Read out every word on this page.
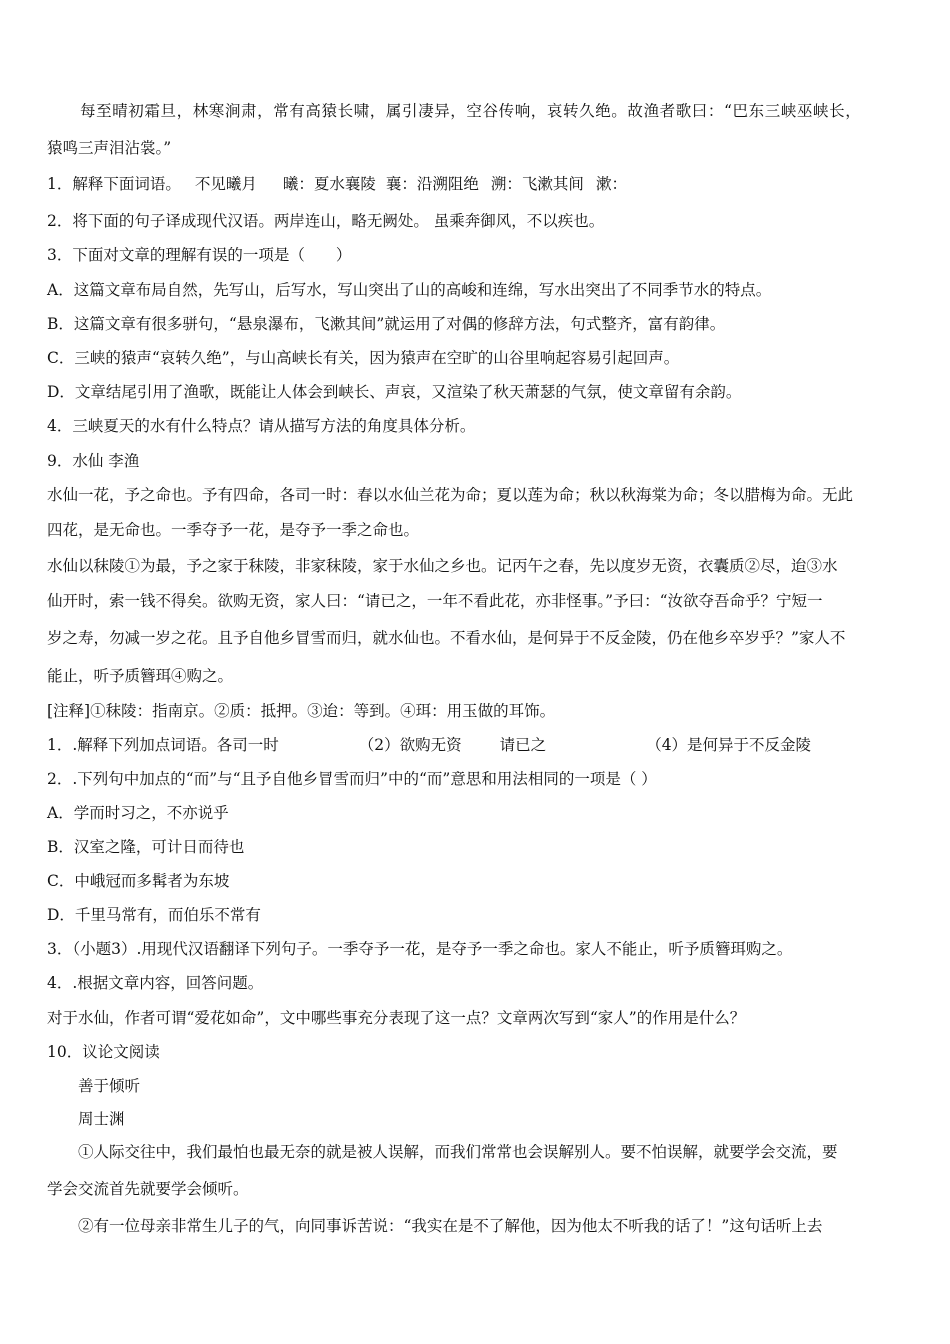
每至晴初霜旦，林寒涧肃，常有高猿长啸，属引凄异，空谷传响，哀转久绝。故渔者歌曰：“巴东三峡巫峡长，
猿鸣三声泪沾裳。”
1．解释下面词语。 不见曦月 曦：夏水襄陵 襄：沿溯阻绝 溯：飞漱其间 漱：
2．将下面的句子译成现代汉语。两岸连山，略无阙处。 虽乘奔御风，不以疾也。
3．下面对文章的理解有误的一项是（　　）
A．这篇文章布局自然，先写山，后写水，写山突出了山的高峻和连绵，写水出突出了不同季节水的特点。
B．这篇文章有很多骈句，“悬泉瀑布，飞漱其间”就运用了对偶的修辞方法，句式整齐，富有韵律。
C．三峡的猿声“哀转久绝”，与山高峡长有关，因为猿声在空旷的山谷里响起容易引起回声。
D．文章结尾引用了渔歌，既能让人体会到峡长、声哀，又渲染了秋天萧瑟的气氛，使文章留有余韵。
4．三峡夏天的水有什么特点？请从描写方法的角度具体分析。
9．水仙 李渔
水仙一花，予之命也。予有四命，各司一时：春以水仙兰花为命；夏以莲为命；秋以秋海棠为命；冬以腊梅为命。无此
四花，是无命也。一季夺予一花，是夺予一季之命也。
水仙以秣陵①为最，予之家于秣陵，非家秣陵，家于水仙之乡也。记丙午之春，先以度岁无资，衣囊质②尽，迨③水
仙开时，索一钱不得矣。欲购无资，家人曰：“请已之，一年不看此花，亦非怪事。”予曰：“汝欲夺吾命乎？宁短一
岁之寿，勿减一岁之花。且予自他乡冒雪而归，就水仙也。不看水仙，是何异于不反金陵，仍在他乡卒岁乎？”家人不
能止，听予质簪珥④购之。
[注释]①秣陵：指南京。②质：抵押。③迨：等到。④珥：用玉做的耳饰。
1．.解释下列加点词语。各司一时	（2）欲购无资 请已之	（4）是何异于不反金陵
2．.下列句中加点的“而”与“且予自他乡冒雪而归”中的“而”意思和用法相同的一项是（ ）
A．学而时习之，不亦说乎
B．汉室之隆，可计日而待也
C．中峨冠而多髯者为东坡
D．千里马常有，而伯乐不常有
3．（小题3）.用现代汉语翻译下列句子。一季夺予一花，是夺予一季之命也。家人不能止，听予质簪珥购之。
4．.根据文章内容，回答问题。
对于水仙，作者可谓“爱花如命”，文中哪些事充分表现了这一点？文章两次写到“家人”的作用是什么？
10．议论文阅读
善于倾听
周士渊
①人际交往中，我们最怕也最无奈的就是被人误解，而我们常常也会误解别人。要不怕误解，就要学会交流，要
学会交流首先就要学会倾听。
②有一位母亲非常生儿子的气，向同事诉苦说：“我实在是不了解他，因为他太不听我的话了！”这句话听上去
